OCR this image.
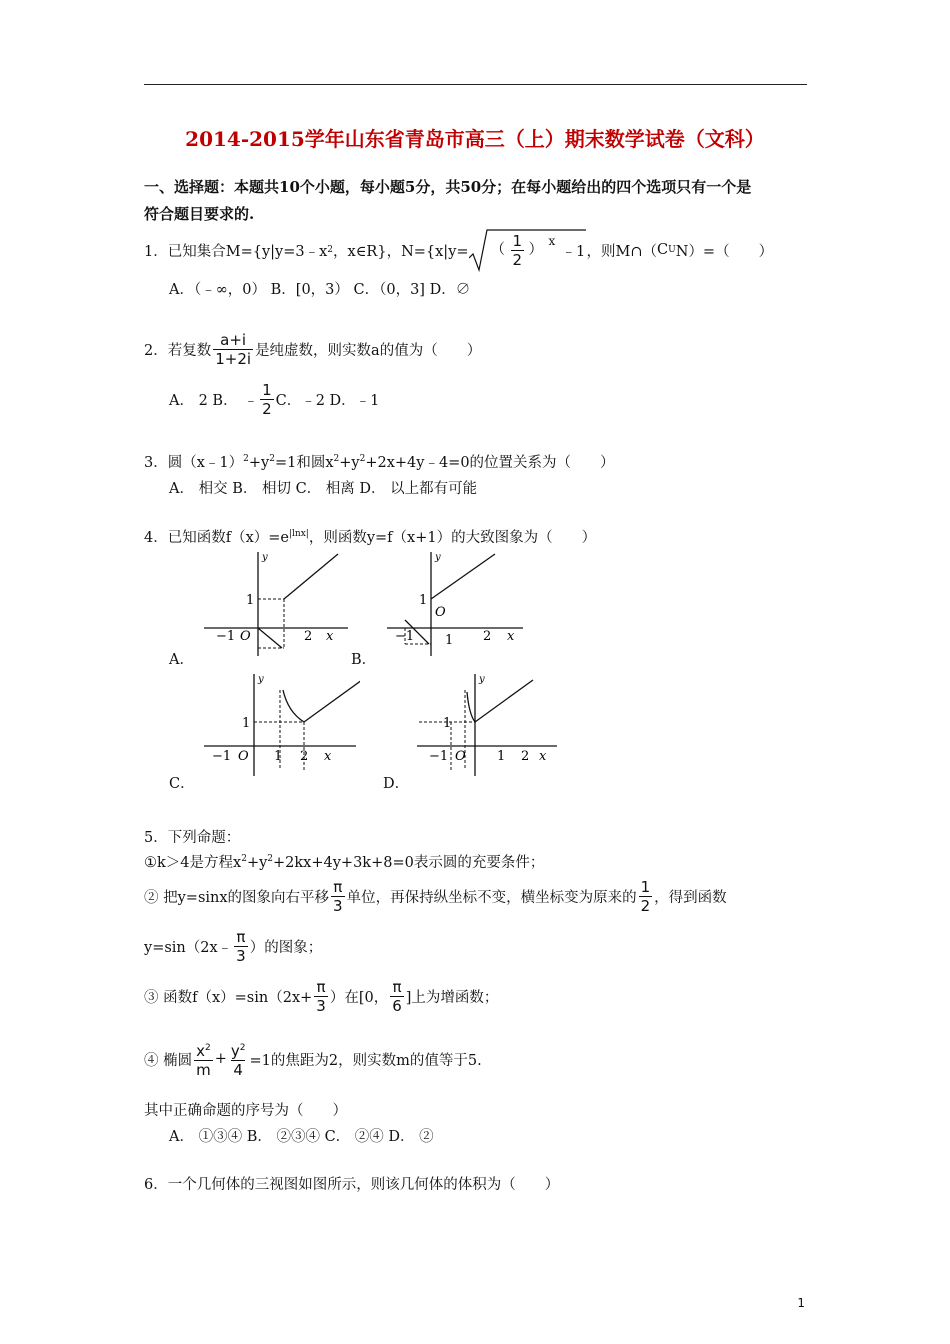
2014-2015学年山东省青岛市高三（上）期末数学试卷（文科）
一、选择题：本题共10个小题，每小题5分，共50分；在每小题给出的四个选项只有一个是
符合题目要求的.
1．已知集合M={y|y=3﹣x 2 ，x∈R}，N={x|y= （ $\frac{1}{2}$ ）
x
﹣1 ，则M∩（ C U N）=（　　）
A．（﹣∞，0） B．[0，3） C．（0，3] D．∅
2．若复数 $\frac{a+i}{1+2i}$ 是纯虚数，则实数a的值为（　　）
A． 2 B． ﹣ $\frac{1}{2}$ C．﹣2 D．﹣1
3．圆$(x﹣1)^2+y^2=1$和圆$x^2+y^2+2x+4y﹣4=0$的位置关系为（　　）
A． 相交 B． 相切 C． 相离 D． 以上都有可能
4．已知函数$f(x)=e^{|lnx|}$，则函数y=f（x+1）的大致图象为（　　）
y
x
−1 O
1
2
A．
y
x
−1
O
1
1 2
B．
y
x
−1 O
1
1 2
C．
y
x
−1 O
1
1 2
D．
5．下列命题：
①k＞4是方程$x^2+y^2+2kx+4y+3k+8=0$表示圆的充要条件；
② 把y=sinx的图象向右平移 $\frac{\pi}{3}$ 单位，再保持纵坐标不变，横坐标变为原来的 $\frac{1}{2}$ ，得到函数
y=sin（2x﹣ $\frac{\pi}{3}$ ）的图象；
③ 函数$f(x)=\sin(2x+ \frac{\pi}{3}$ ）在[0， $\frac{\pi}{6}$ ]上为增函数；
④ 椭圆 $\frac{x^2}{m} + \frac{y^2}{4} =1$的焦距为2，则实数m的值等于5.
其中正确命题的序号为（　　）
A． ①③④ B． ②③④ C． ②④ D． ②
6．一个几何体的三视图如图所示，则该几何体的体积为（　　）
1
